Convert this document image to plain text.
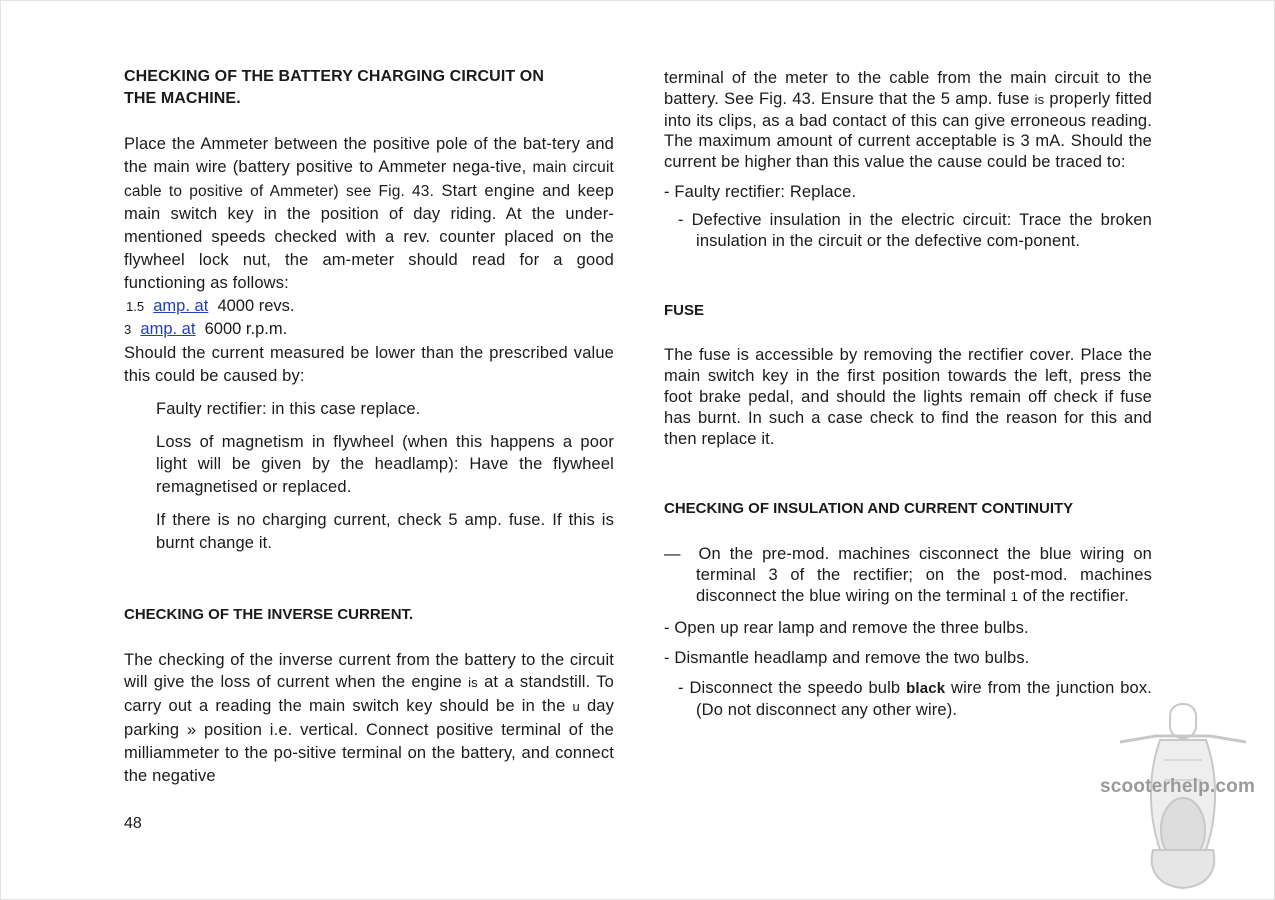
CHECKING OF THE BATTERY CHARGING CIRCUIT ON
THE MACHINE.

Place the Ammeter between the positive pole of the bat-tery and the main wire (battery positive to Ammeter nega-tive, main circuit cable to positive of Ammeter) see Fig. 43. Start engine and keep main switch key in the position of day riding. At the under-mentioned speeds checked with a rev. counter placed on the flywheel lock nut, the am-meter should read for a good functioning as follows:

1.5 amp. at 4000 revs.
3 amp. at 6000 r.p.m.

Should the current measured be lower than the prescribed value this could be caused by:

Faulty rectifier: in this case replace.

Loss of magnetism in flywheel (when this happens a poor light will be given by the headlamp): Have the flywheel remagnetised or replaced.

If there is no charging current, check 5 amp. fuse. If this is burnt change it.

CHECKING OF THE INVERSE CURRENT.

The checking of the inverse current from the battery to the circuit will give the loss of current when the engine is at a standstill. To carry out a reading the main switch key should be in the u day parking » position i.e. vertical. Connect positive terminal of the milliammeter to the po-sitive terminal on the battery, and connect the negative

terminal of the meter to the cable from the main circuit to the battery. See Fig. 43. Ensure that the 5 amp. fuse is properly fitted into its clips, as a bad contact of this can give erroneous reading. The maximum amount of current acceptable is 3 mA. Should the current be higher than this value the cause could be traced to:

- Faulty rectifier: Replace.

- Defective insulation in the electric circuit: Trace the broken insulation in the circuit or the defective com-ponent.

FUSE

The fuse is accessible by removing the rectifier cover. Place the main switch key in the first position towards the left, press the foot brake pedal, and should the lights remain off check if fuse has burnt. In such a case check to find the reason for this and then replace it.

CHECKING OF INSULATION AND CURRENT CONTINUITY

— On the pre-mod. machines cisconnect the blue wiring on terminal 3 of the rectifier; on the post-mod. machines disconnect the blue wiring on the terminal 1 of the rectifier.

- Open up rear lamp and remove the three bulbs.

- Dismantle headlamp and remove the two bulbs.

- Disconnect the speedo bulb black wire from the junction box. (Do not disconnect any other wire).

48
scooterhelp.com
